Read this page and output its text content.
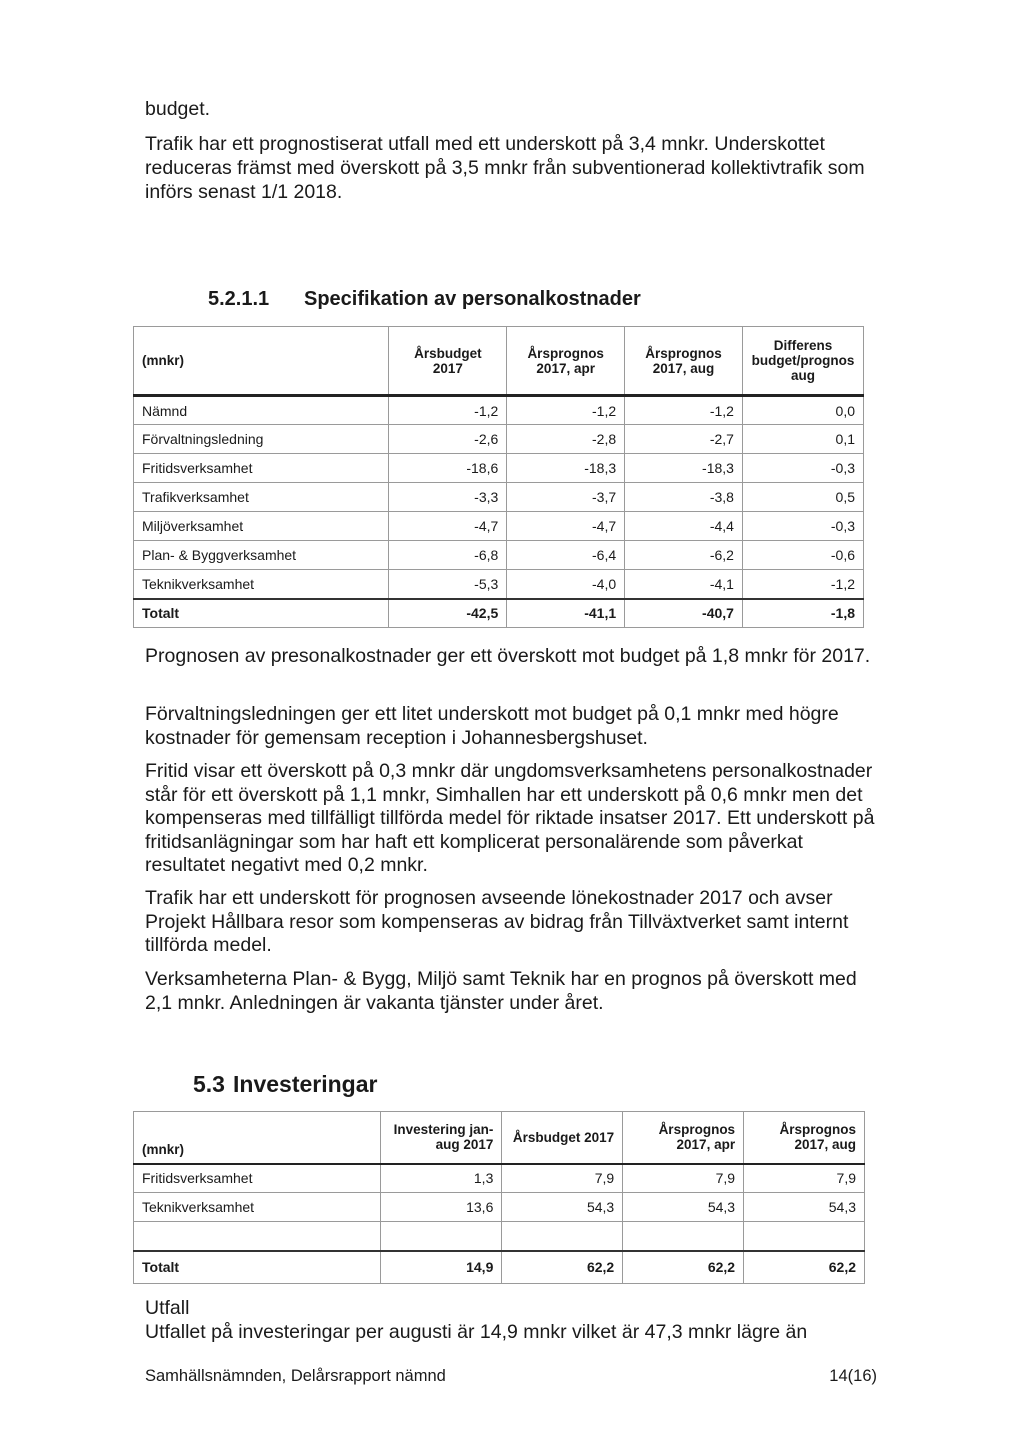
budget.

Trafik har ett prognostiserat utfall med ett underskott på 3,4 mnkr. Underskottet reduceras främst med överskott på 3,5 mnkr från subventionerad kollektivtrafik som införs senast 1/1 2018.

5.2.1.1 Specifikation av personalkostnader
(mnkr)	Årsbudget 2017	Årsprognos 2017, apr	Årsprognos 2017, aug	Differens budget/prognos aug
Nämnd	-1,2	-1,2	-1,2	0,0
Förvaltningsledning	-2,6	-2,8	-2,7	0,1
Fritidsverksamhet	-18,6	-18,3	-18,3	-0,3
Trafikverksamhet	-3,3	-3,7	-3,8	0,5
Miljöverksamhet	-4,7	-4,7	-4,4	-0,3
Plan- & Byggverksamhet	-6,8	-6,4	-6,2	-0,6
Teknikverksamhet	-5,3	-4,0	-4,1	-1,2
Totalt	-42,5	-41,1	-40,7	-1,8

Prognosen av presonalkostnader ger ett överskott mot budget på 1,8 mnkr för 2017.

Förvaltningsledningen ger ett litet underskott mot budget på 0,1 mnkr med högre kostnader för gemensam reception i Johannesbergshuset.

Fritid visar ett överskott på 0,3 mnkr där ungdomsverksamhetens personalkostnader står för ett överskott på 1,1 mnkr, Simhallen har ett underskott på 0,6 mnkr men det kompenseras med tillfälligt tillförda medel för riktade insatser 2017. Ett underskott på fritidsanlägningar som har haft ett komplicerat personalärende som påverkat resultatet negativt med 0,2 mnkr.

Trafik har ett underskott för prognosen avseende lönekostnader 2017 och avser Projekt Hållbara resor som kompenseras av bidrag från Tillväxtverket samt internt tillförda medel.

Verksamheterna Plan- & Bygg, Miljö samt Teknik har en prognos på överskott med 2,1 mnkr. Anledningen är vakanta tjänster under året.

5.3 Investeringar
(mnkr)	Investering jan-aug 2017	Årsbudget 2017	Årsprognos 2017, apr	Årsprognos 2017, aug
Fritidsverksamhet	1,3	7,9	7,9	7,9
Teknikverksamhet	13,6	54,3	54,3	54,3

Totalt	14,9	62,2	62,2	62,2

Utfall

Utfallet på investeringar per augusti är 14,9 mnkr vilket är 47,3 mnkr lägre än

Samhällsnämnden, Delårsrapport nämnd	14(16)
